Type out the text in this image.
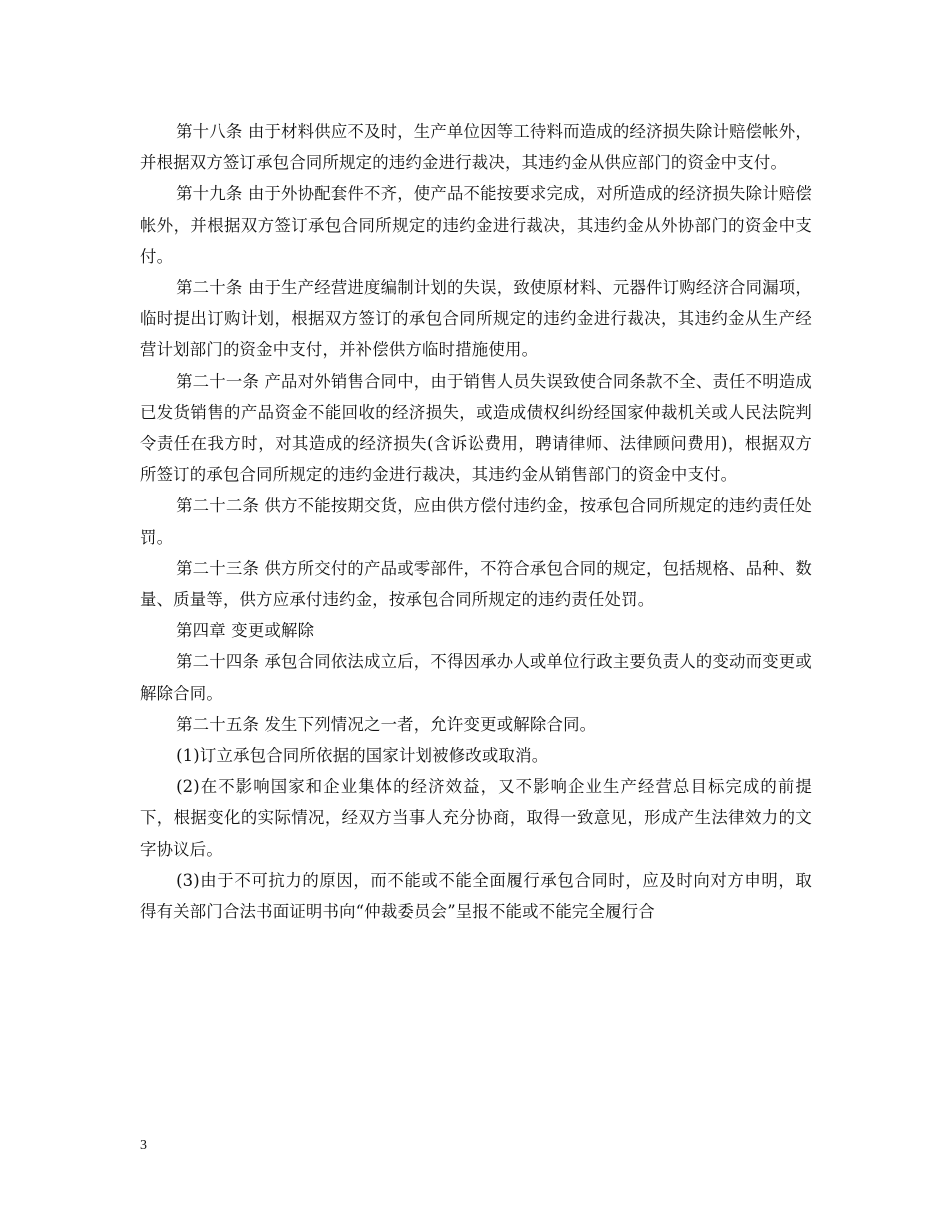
第十八条 由于材料供应不及时，生产单位因等工待料而造成的经济损失除计赔偿帐外，并根据双方签订承包合同所规定的违约金进行裁决，其违约金从供应部门的资金中支付。

第十九条 由于外协配套件不齐，使产品不能按要求完成，对所造成的经济损失除计赔偿帐外，并根据双方签订承包合同所规定的违约金进行裁决，其违约金从外协部门的资金中支付。

第二十条 由于生产经营进度编制计划的失误，致使原材料、元器件订购经济合同漏项，临时提出订购计划，根据双方签订的承包合同所规定的违约金进行裁决，其违约金从生产经营计划部门的资金中支付，并补偿供方临时措施使用。

第二十一条 产品对外销售合同中，由于销售人员失误致使合同条款不全、责任不明造成已发货销售的产品资金不能回收的经济损失，或造成债权纠纷经国家仲裁机关或人民法院判令责任在我方时，对其造成的经济损失(含诉讼费用，聘请律师、法律顾问费用)，根据双方所签订的承包合同所规定的违约金进行裁决，其违约金从销售部门的资金中支付。

第二十二条 供方不能按期交货，应由供方偿付违约金，按承包合同所规定的违约责任处罚。

第二十三条 供方所交付的产品或零部件，不符合承包合同的规定，包括规格、品种、数量、质量等，供方应承付违约金，按承包合同所规定的违约责任处罚。

第四章 变更或解除

第二十四条 承包合同依法成立后，不得因承办人或单位行政主要负责人的变动而变更或解除合同。

第二十五条 发生下列情况之一者，允许变更或解除合同。

(1)订立承包合同所依据的国家计划被修改或取消。

(2)在不影响国家和企业集体的经济效益，又不影响企业生产经营总目标完成的前提下，根据变化的实际情况，经双方当事人充分协商，取得一致意见，形成产生法律效力的文字协议后。

(3)由于不可抗力的原因，而不能或不能全面履行承包合同时，应及时向对方申明，取得有关部门合法书面证明书向“仲裁委员会”呈报不能或不能完全履行合

3
